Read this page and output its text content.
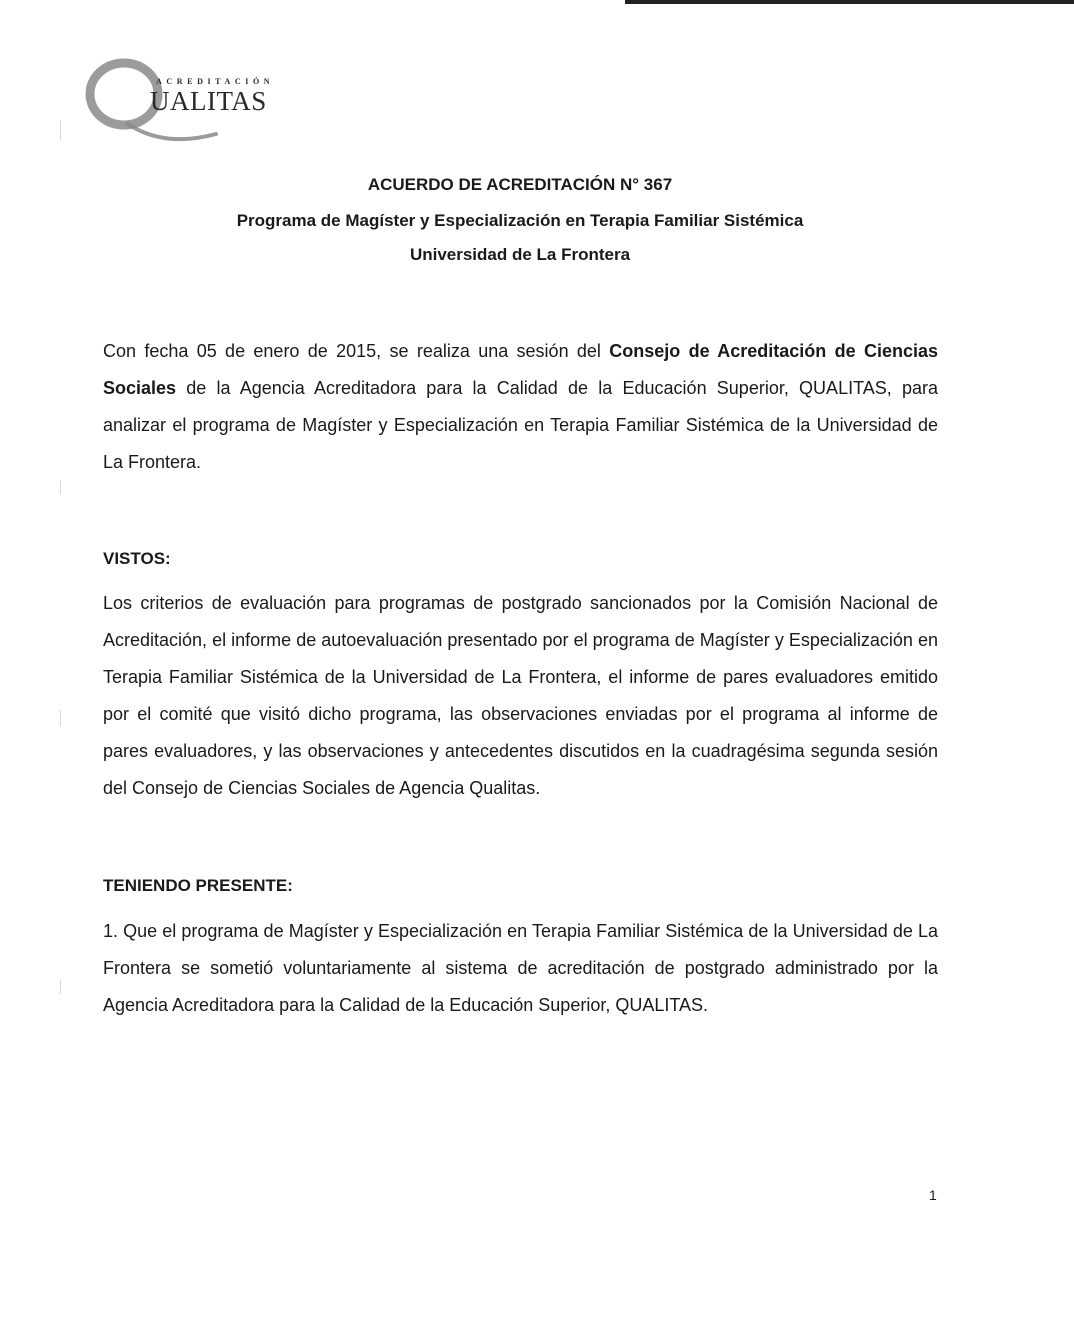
ACREDITACIÓN
UALITAS
ACUERDO DE ACREDITACIÓN N° 367
Programa de Magíster y Especialización en Terapia Familiar Sistémica
Universidad de La Frontera
Con fecha 05 de enero de 2015, se realiza una sesión del Consejo de Acreditación de Ciencias Sociales de la Agencia Acreditadora para la Calidad de la Educación Superior, QUALITAS, para analizar el programa de Magíster y Especialización en Terapia Familiar Sistémica de la Universidad de La Frontera.
VISTOS:
Los criterios de evaluación para programas de postgrado sancionados por la Comisión Nacional de Acreditación, el informe de autoevaluación presentado por el programa de Magíster y Especialización en Terapia Familiar Sistémica de la Universidad de La Frontera, el informe de pares evaluadores emitido por el comité que visitó dicho programa, las observaciones enviadas por el programa al informe de pares evaluadores, y las observaciones y antecedentes discutidos en la cuadragésima segunda sesión del Consejo de Ciencias Sociales de Agencia Qualitas.
TENIENDO PRESENTE:
1. Que el programa de Magíster y Especialización en Terapia Familiar Sistémica de la Universidad de La Frontera se sometió voluntariamente al sistema de acreditación de postgrado administrado por la Agencia Acreditadora para la Calidad de la Educación Superior, QUALITAS.
1
